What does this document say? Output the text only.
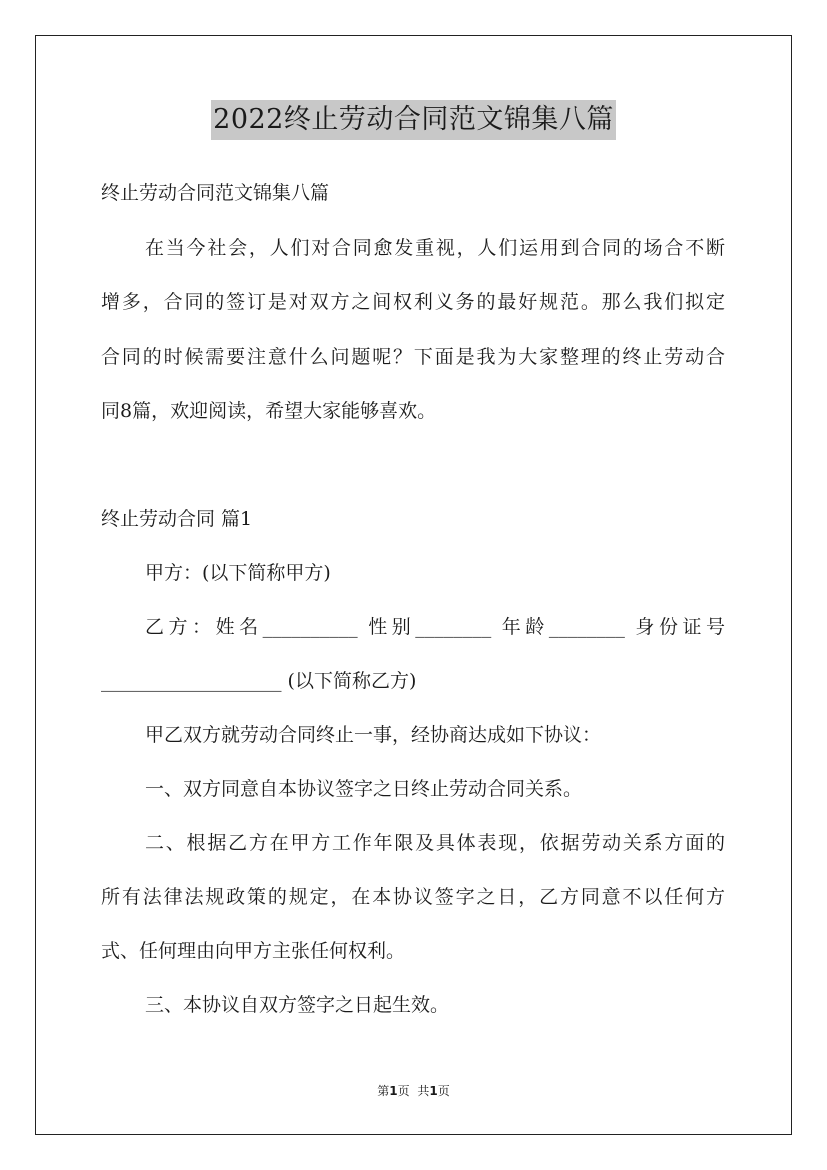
2022终止劳动合同范文锦集八篇

终止劳动合同范文锦集八篇

在当今社会，人们对合同愈发重视，人们运用到合同的场合不断

增多，合同的签订是对双方之间权利义务的最好规范。那么我们拟定

合同的时候需要注意什么问题呢？下面是我为大家整理的终止劳动合

同8篇，欢迎阅读，希望大家能够喜欢。

终止劳动合同 篇1

甲方：(以下简称甲方)

乙方：姓名__________ 性别________ 年龄________ 身份证号

___________________ (以下简称乙方)

甲乙双方就劳动合同终止一事，经协商达成如下协议：

一、双方同意自本协议签字之日终止劳动合同关系。

二、根据乙方在甲方工作年限及具体表现，依据劳动关系方面的

所有法律法规政策的规定，在本协议签字之日，乙方同意不以任何方

式、任何理由向甲方主张任何权利。

三、本协议自双方签字之日起生效。

第1页 共1页
